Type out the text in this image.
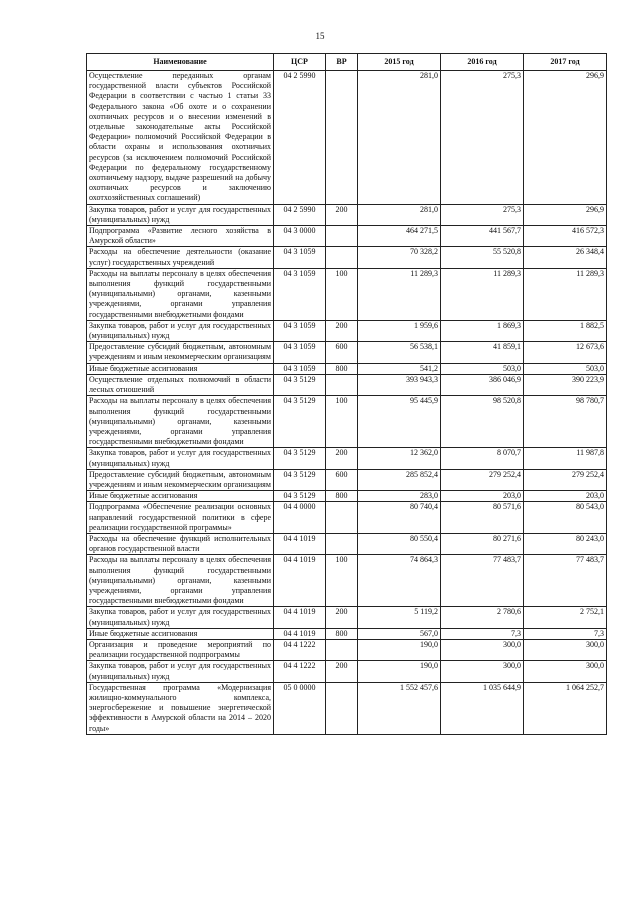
15
Наименование	ЦСР	ВР	2015 год	2016 год	2017 год
Осуществление переданных органам государственной власти субъектов Российской Федерации в соответствии с частью 1 статьи 33 Федерального закона «Об охоте и о сохранении охотничьих ресурсов и о внесении изменений в отдельные законодательные акты Российской Федерации» полномочий Российской Федерации в области охраны и использования охотничьих ресурсов (за исключением полномочий Российской Федерации по федеральному государственному охотничьему надзору, выдаче разрешений на добычу охотничьих ресурсов и заключению охотхозяйственных соглашений)	04 2 5990		281,0	275,3	296,9
Закупка товаров, работ и услуг для государственных (муниципальных) нужд	04 2 5990	200	281,0	275,3	296,9
Подпрограмма «Развитие лесного хозяйства в Амурской области»	04 3 0000		464 271,5	441 567,7	416 572,3
Расходы на обеспечение деятельности (оказание услуг) государственных учреждений	04 3 1059		70 328,2	55 520,8	26 348,4
Расходы на выплаты персоналу в целях обеспечения выполнения функций государственными (муниципальными) органами, казенными учреждениями, органами управления государственными внебюджетными фондами	04 3 1059	100	11 289,3	11 289,3	11 289,3
Закупка товаров, работ и услуг для государственных (муниципальных) нужд	04 3 1059	200	1 959,6	1 869,3	1 882,5
Предоставление субсидий бюджетным, автономным учреждениям и иным некоммерческим организациям	04 3 1059	600	56 538,1	41 859,1	12 673,6
Иные бюджетные ассигнования	04 3 1059	800	541,2	503,0	503,0
Осуществление отдельных полномочий в области лесных отношений	04 3 5129		393 943,3	386 046,9	390 223,9
Расходы на выплаты персоналу в целях обеспечения выполнения функций государственными (муниципальными) органами, казенными учреждениями, органами управления государственными внебюджетными фондами	04 3 5129	100	95 445,9	98 520,8	98 780,7
Закупка товаров, работ и услуг для государственных (муниципальных) нужд	04 3 5129	200	12 362,0	8 070,7	11 987,8
Предоставление субсидий бюджетным, автономным учреждениям и иным некоммерческим организациям	04 3 5129	600	285 852,4	279 252,4	279 252,4
Иные бюджетные ассигнования	04 3 5129	800	283,0	203,0	203,0
Подпрограмма «Обеспечение реализации основных направлений государственной политики в сфере реализации государственной программы»	04 4 0000		80 740,4	80 571,6	80 543,0
Расходы на обеспечение функций исполнительных органов государственной власти	04 4 1019		80 550,4	80 271,6	80 243,0
Расходы на выплаты персоналу в целях обеспечения выполнения функций государственными (муниципальными) органами, казенными учреждениями, органами управления государственными внебюджетными фондами	04 4 1019	100	74 864,3	77 483,7	77 483,7
Закупка товаров, работ и услуг для государственных (муниципальных) нужд	04 4 1019	200	5 119,2	2 780,6	2 752,1
Иные бюджетные ассигнования	04 4 1019	800	567,0	7,3	7,3
Организация и проведение мероприятий по реализации государственной подпрограммы	04 4 1222		190,0	300,0	300,0
Закупка товаров, работ и услуг для государственных (муниципальных) нужд	04 4 1222	200	190,0	300,0	300,0
Государственная программа «Модернизация жилищно-коммунального комплекса, энергосбережение и повышение энергетической эффективности в Амурской области на 2014 – 2020 годы»	05 0 0000		1 552 457,6	1 035 644,9	1 064 252,7
